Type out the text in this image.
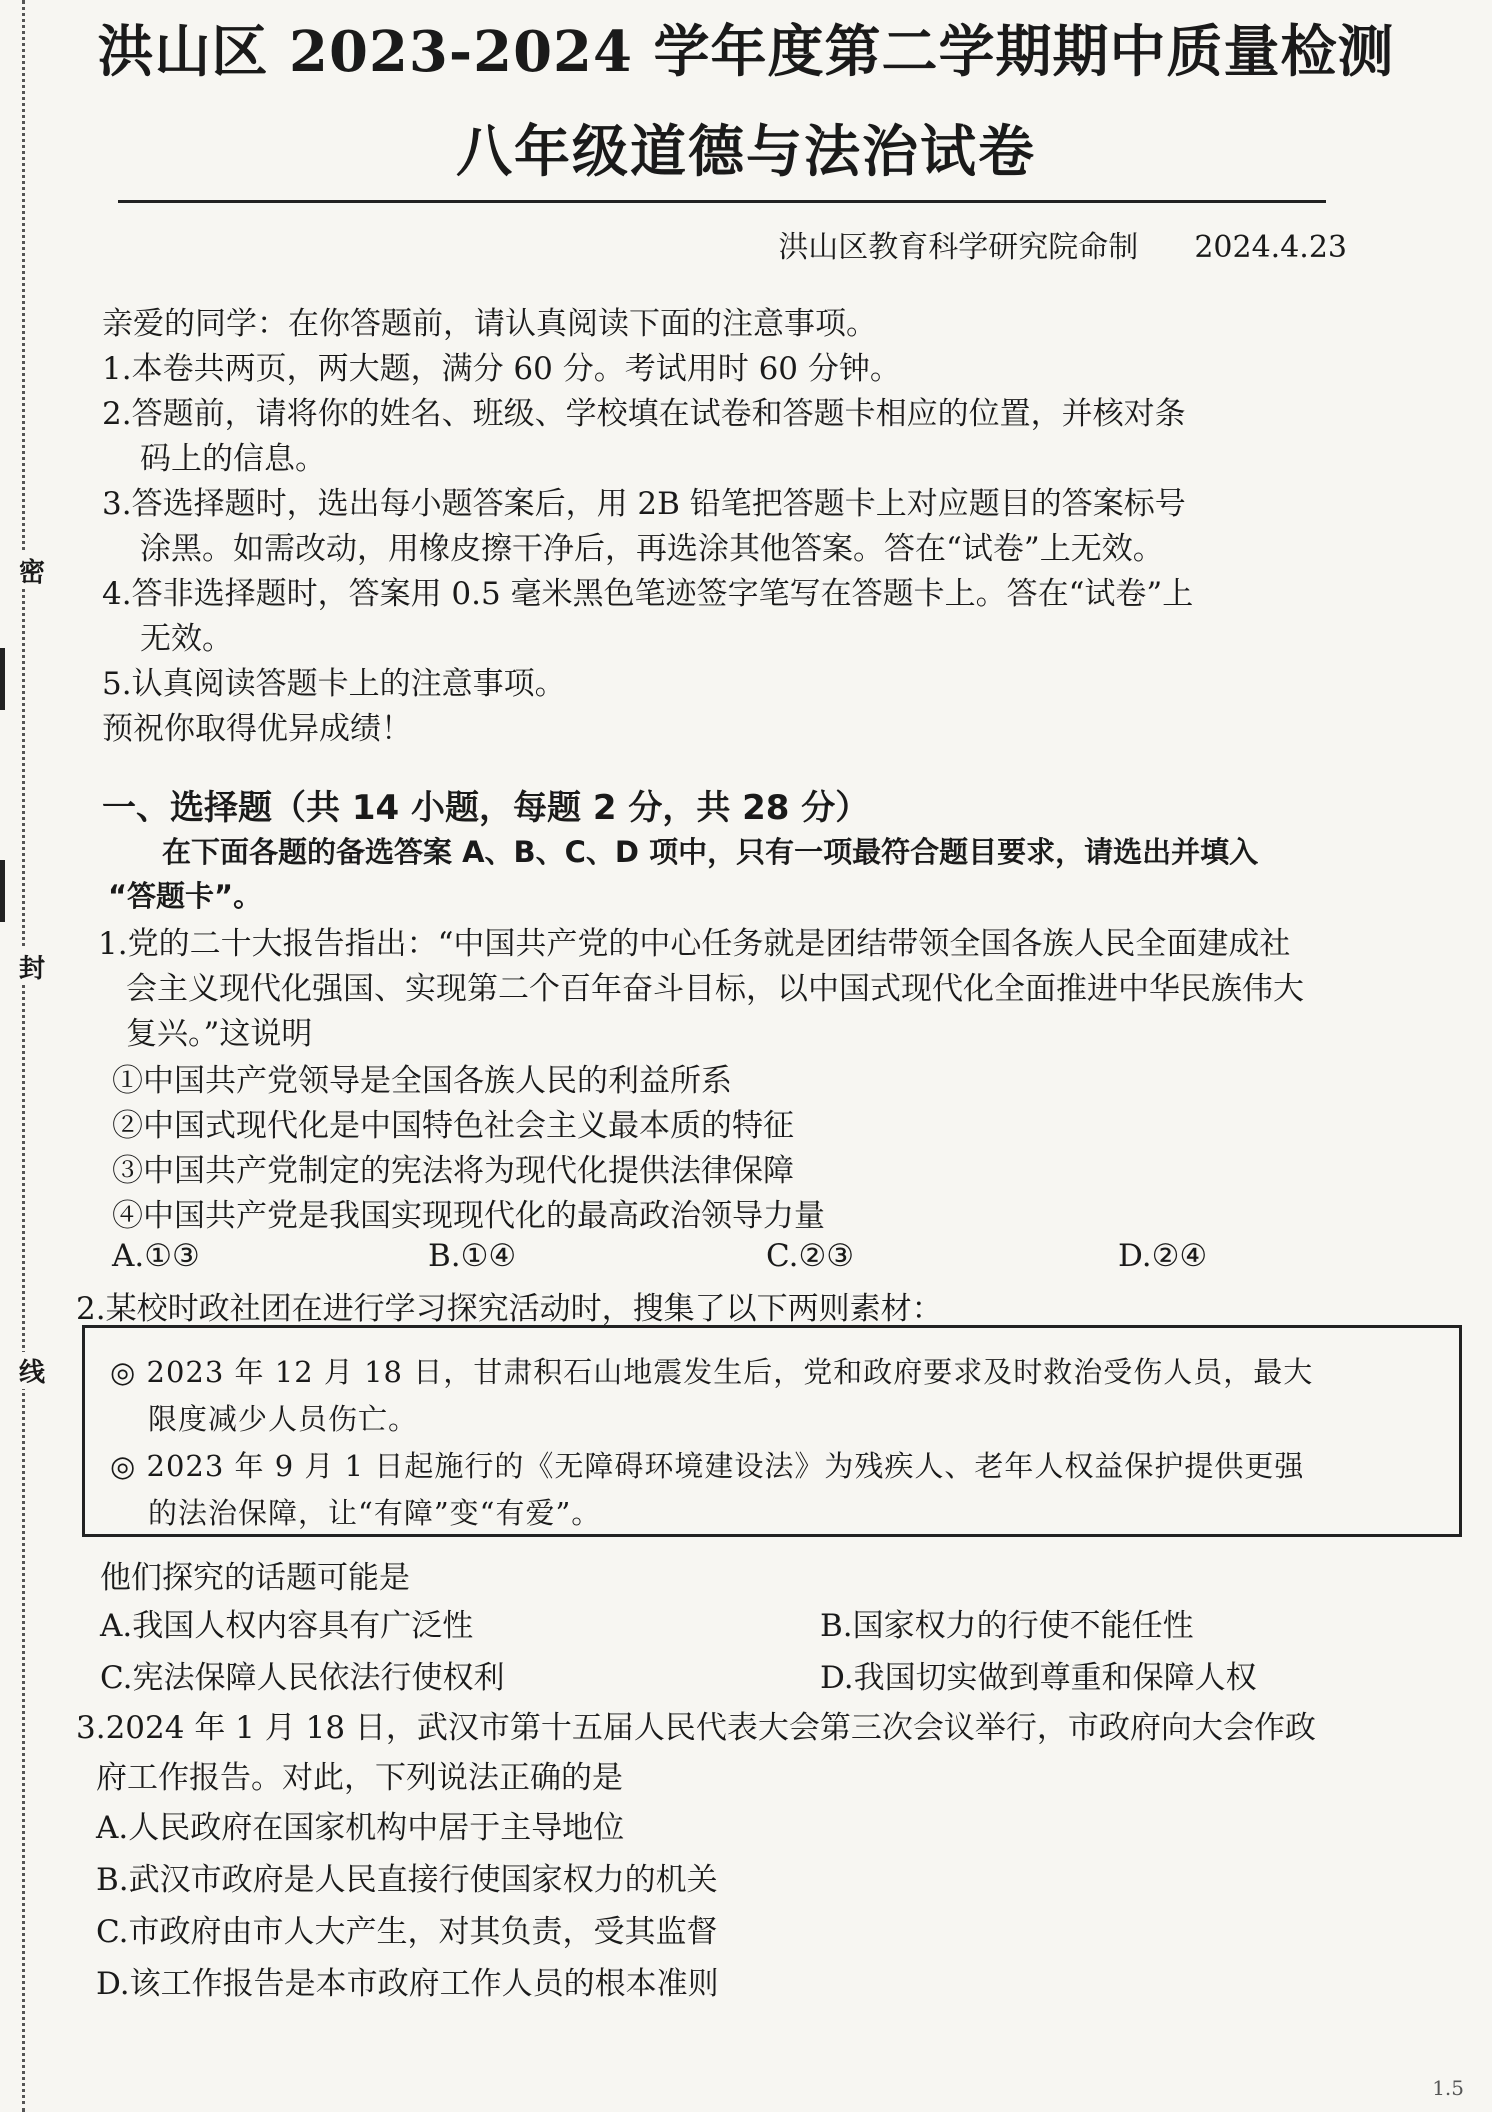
密
封
线
洪山区 2023-2024 学年度第二学期期中质量检测
八年级道德与法治试卷
洪山区教育科学研究院命制 2024.4.23
亲爱的同学：在你答题前，请认真阅读下面的注意事项。
1.本卷共两页，两大题，满分 60 分。考试用时 60 分钟。
2.答题前，请将你的姓名、班级、学校填在试卷和答题卡相应的位置，并核对条
码上的信息。
3.答选择题时，选出每小题答案后，用 2B 铅笔把答题卡上对应题目的答案标号
涂黑。如需改动，用橡皮擦干净后，再选涂其他答案。答在“试卷”上无效。
4.答非选择题时，答案用 0.5 毫米黑色笔迹签字笔写在答题卡上。答在“试卷”上
无效。
5.认真阅读答题卡上的注意事项。
预祝你取得优异成绩！
一、选择题（共 14 小题，每题 2 分，共 28 分）
在下面各题的备选答案 A、B、C、D 项中，只有一项最符合题目要求，请选出并填入
“答题卡”。
1.党的二十大报告指出：“中国共产党的中心任务就是团结带领全国各族人民全面建成社
会主义现代化强国、实现第二个百年奋斗目标，以中国式现代化全面推进中华民族伟大
复兴。”这说明
①中国共产党领导是全国各族人民的利益所系
②中国式现代化是中国特色社会主义最本质的特征
③中国共产党制定的宪法将为现代化提供法律保障
④中国共产党是我国实现现代化的最高政治领导力量
A.①③	B.①④	C.②③	D.②④
2.某校时政社团在进行学习探究活动时，搜集了以下两则素材：
◎ 2023 年 12 月 18 日，甘肃积石山地震发生后，党和政府要求及时救治受伤人员，最大
限度减少人员伤亡。
◎ 2023 年 9 月 1 日起施行的《无障碍环境建设法》为残疾人、老年人权益保护提供更强
的法治保障，让“有障”变“有爱”。
他们探究的话题可能是
A.我国人权内容具有广泛性	B.国家权力的行使不能任性
C.宪法保障人民依法行使权利	D.我国切实做到尊重和保障人权
3.2024 年 1 月 18 日，武汉市第十五届人民代表大会第三次会议举行，市政府向大会作政
府工作报告。对此，下列说法正确的是
A.人民政府在国家机构中居于主导地位
B.武汉市政府是人民直接行使国家权力的机关
C.市政府由市人大产生，对其负责，受其监督
D.该工作报告是本市政府工作人员的根本准则
1.5
